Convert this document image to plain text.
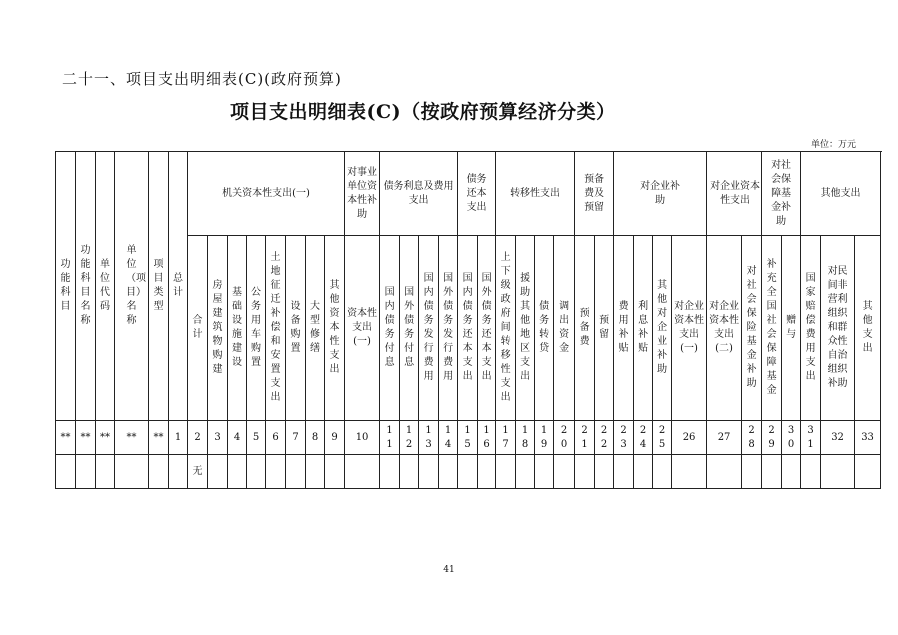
二十一、项目支出明细表(C)(政府预算)
项目支出明细表(C)（按政府预算经济分类）
单位：万元
功能科目	功能科目名称	单位代码	单位（项目）名称	项目类型	总计	机关资本性支出(一)								对事业单位资本性补助	债务利息及费用支出				债务还本支出		转移性支出				预备费及预留		对企业补助				对企业资本性支出		对社会保障基金补助		其他支出		
						合计	房屋建筑物购建	基础设施建设	公务用车购置	土地征迁补偿和安置支出	设备购置	大型修缮	其他资本性支出	资本性支出(一)	国内债务付息	国外债务付息	国内债务发行费用	国外债务发行费用	国内债务还本支出	国外债务还本支出	上下级政府间转移性支出	援助其他地区支出	债务转贷	调出资金	预备费	预留	费用补贴	利息补贴	其他对企业补助	对企业资本性支出(一)	对企业资本性支出(二)	对社会保险基金补助	补充全国社会保障基金	赠与	国家赔偿费用支出	对民间非营利组织和群众性自治组织补助	其他支出
**	**	**	**	**	1	2	3	4	5	6	7	8	9	10	11	12	13	14	15	16	17	18	19	20	21	22	23	24	25	26	27	28	29	30	31	32	33
						无																															
41
